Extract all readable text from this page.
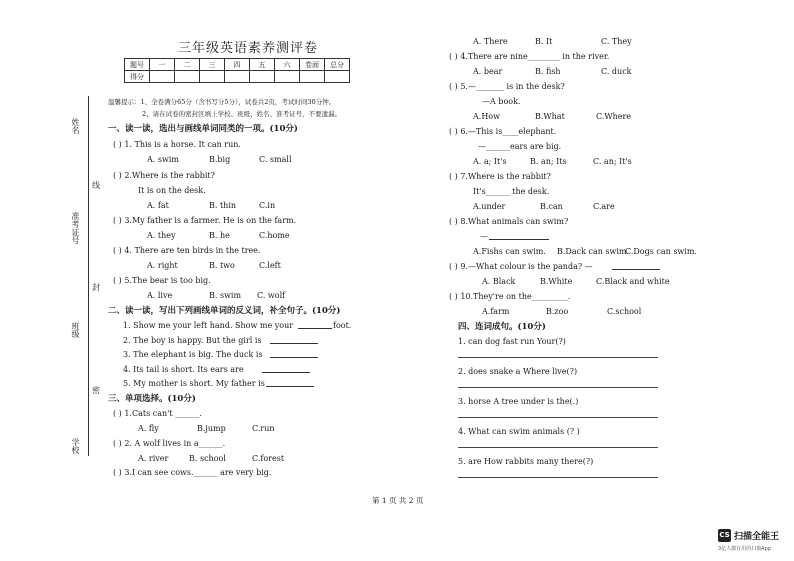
姓名
线
准考证号
封
班级
密
学校
三年级英语素养测评卷
题号	一	二	三	四	五	六	卷面	总分
得分								
温馨提示：1、全卷满分65分（含书写分5分），试卷共2页，考试时间30分钟。
2、请在试卷的密封区填上学校、班级、姓名、准考证号，不要遗漏。
一、读一读，选出与画线单词同类的一项。(10分)
( ) 1. This is a horse. It can run.
A. swim	B.big	C. small
( ) 2.Where is the rabbit?
It is on the desk.
A. fat	B. thin	C.in
( ) 3.My father is a farmer. He is on the farm.
A. they	B. he	C.home
( ) 4. There are ten birds in the tree.
A. right	B. two	C.left
( ) 5.The bear is too big.
A. live	B. swim C. wolf
二、读一读，写出下列画线单词的反义词，补全句子。(10分)
1. Show me your left hand. Show me your	foot.
2. The boy is happy. But the girl is
3. The elephant is big. The duck is
4. Its tail is short. Its ears are
5. My mother is short. My father is
三、单项选择。(10分)
( ) 1.Cats can't ______.
A. fly	B.jump	C.run
( ) 2. A wolf lives in a______.
A. river	B. school	C.forest
( ) 3.I can see cows.______ are very big.
A. There	B. It	C. They
( ) 4.There are nine________ in the river.
A. bear	B. fish	C. duck
( ) 5.—_______ is in the desk?
—A book.
A.How	B.What	C.Where
( ) 6.—This is____elephant.
—______ears are big.
A. a; It's	B. an; Its	C. an; It's
( ) 7.Where is the rabbit?
It's______ the desk.
A.under	B.can	C.are
( ) 8.What animals can swim?
—
A.Fishs can swim. B.Dack can swim.
C.Dogs can swim.
( ) 9.—What colour is the panda? —
A. Black	B.White	C.Black and white
( ) 10.They're on the_________.
A.farm	B.zoo	C.school
四、连词成句。(10分)
1. can dog fast run Your(?)
2. does snake a Where live(?)
3. horse A tree under is the(.)
4. What can swim animals (? )
5. are How rabbits many there(?)
第 1 页 共 2 页
CS 扫描全能王
3亿人都在用的扫描App
